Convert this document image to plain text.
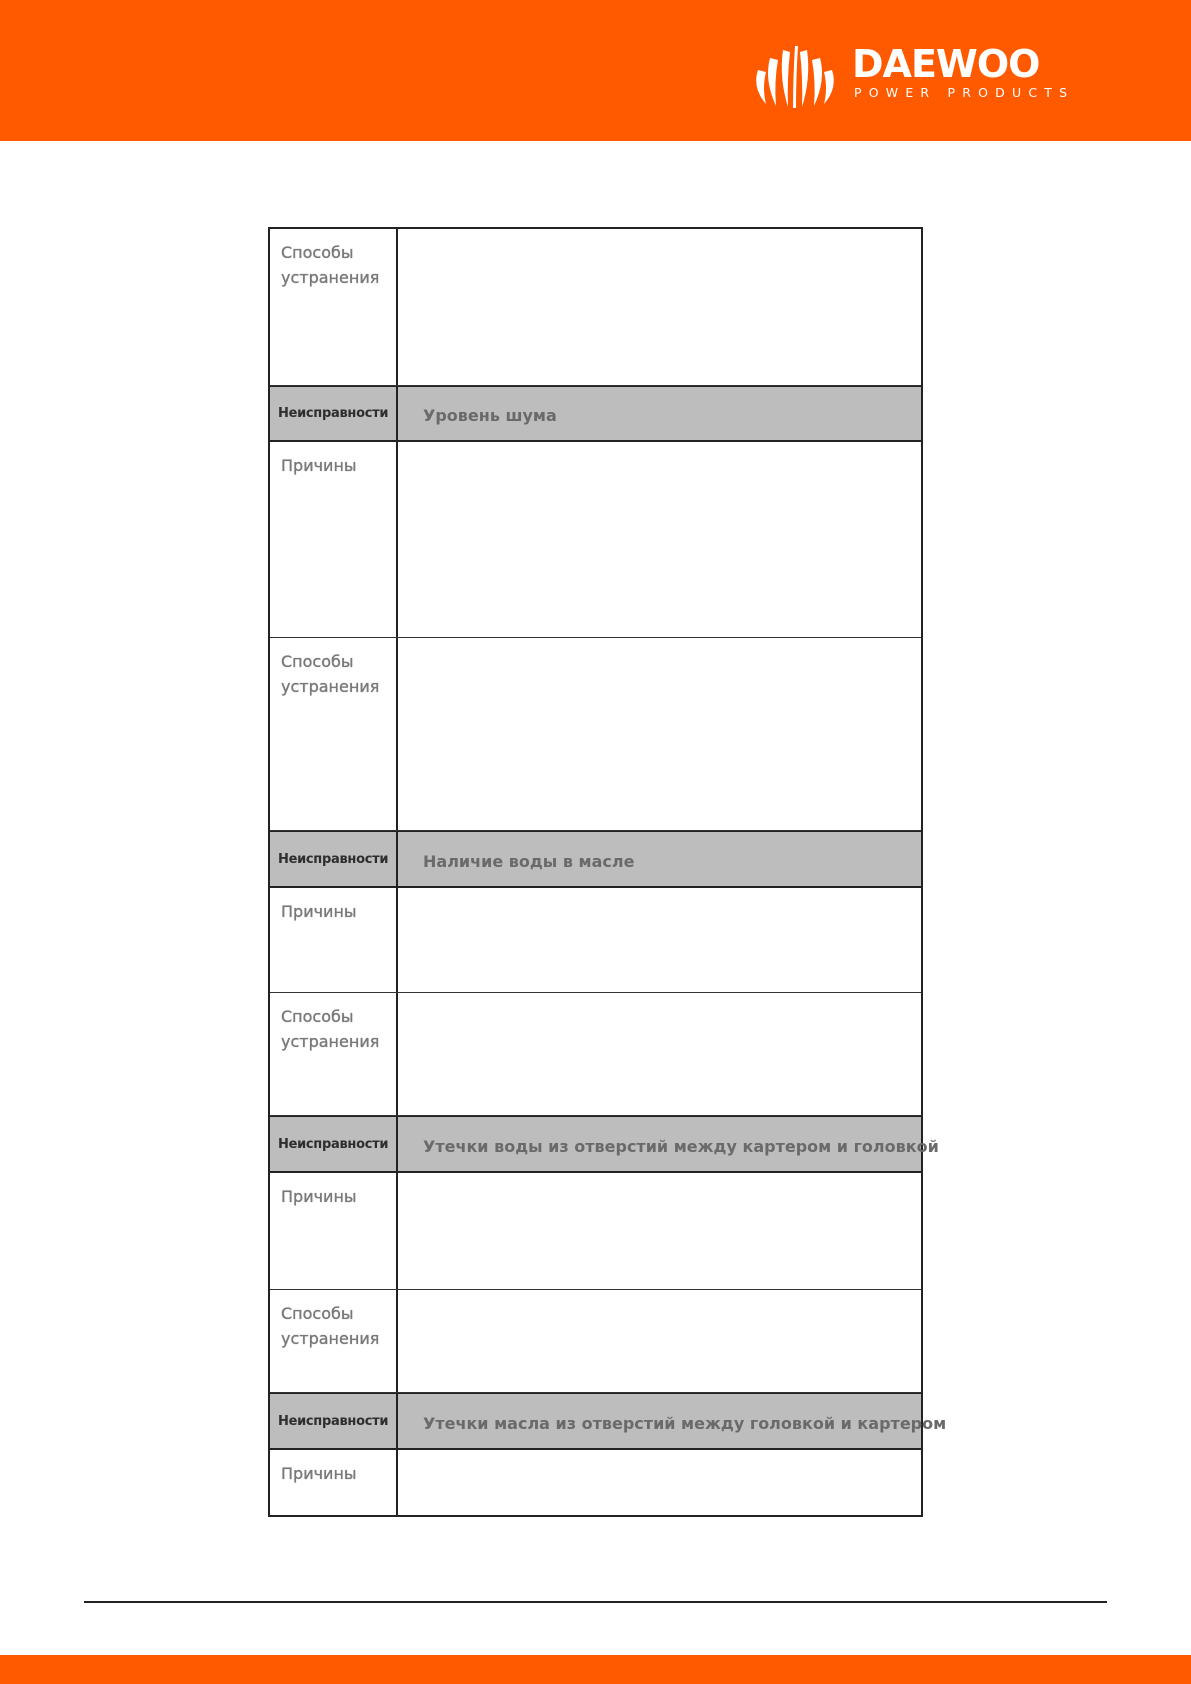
DAEWOO
POWER PRODUCTS
Способы устранения
Неисправности Уровень шума
Причины
Способы устранения
Неисправности Наличие воды в масле
Причины
Способы устранения
Неисправности Утечки воды из отверстий между картером и головкой
Причины
Способы устранения
Неисправности Утечки масла из отверстий между головкой и картером
Причины
